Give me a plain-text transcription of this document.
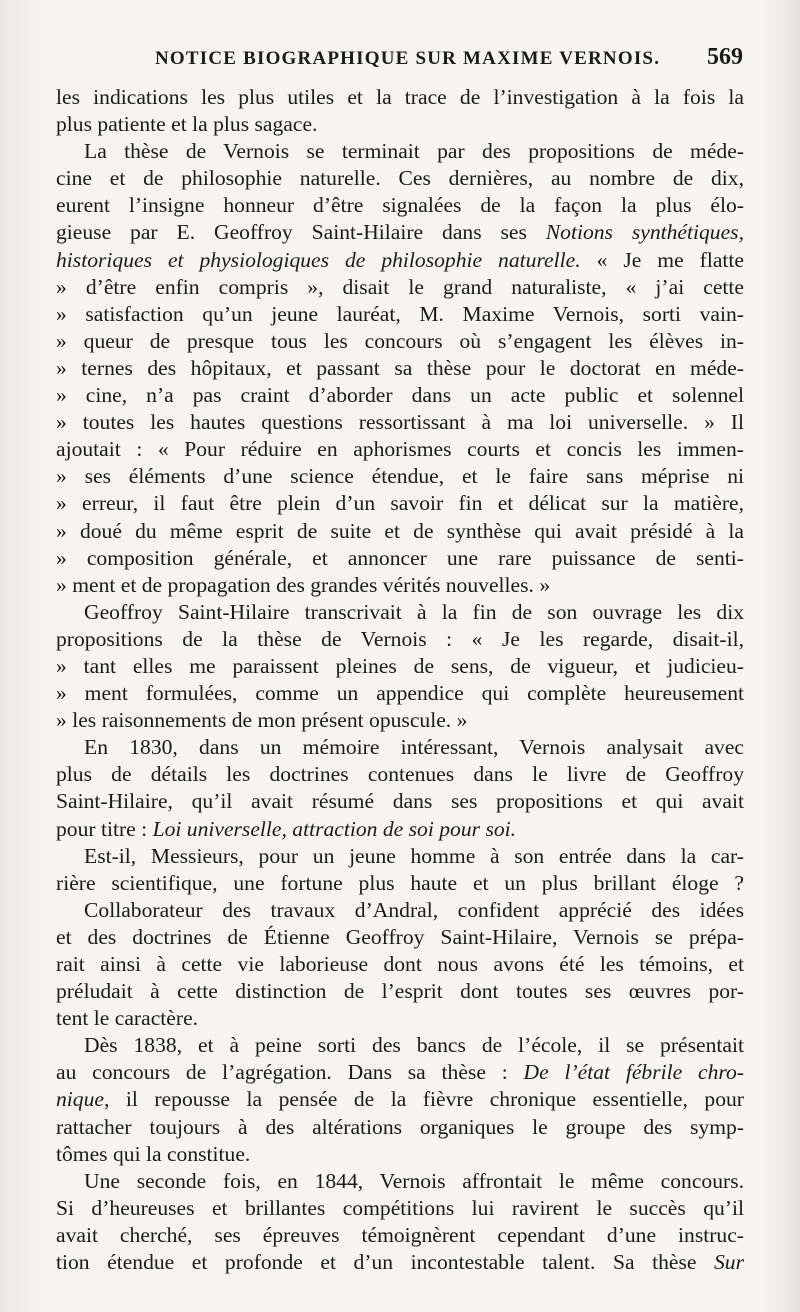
NOTICE BIOGRAPHIQUE SUR MAXIME VERNOIS. 569
les indications les plus utiles et la trace de l’investigation à la fois la
plus patiente et la plus sagace.
La thèse de Vernois se terminait par des propositions de méde-
cine et de philosophie naturelle. Ces dernières, au nombre de dix,
eurent l’insigne honneur d’être signalées de la façon la plus élo-
gieuse par E. Geoffroy Saint-Hilaire dans ses Notions synthétiques,
historiques et physiologiques de philosophie naturelle. « Je me flatte
» d’être enfin compris », disait le grand naturaliste, « j’ai cette
» satisfaction qu’un jeune lauréat, M. Maxime Vernois, sorti vain-
» queur de presque tous les concours où s’engagent les élèves in-
» ternes des hôpitaux, et passant sa thèse pour le doctorat en méde-
» cine, n’a pas craint d’aborder dans un acte public et solennel
» toutes les hautes questions ressortissant à ma loi universelle. » Il
ajoutait : « Pour réduire en aphorismes courts et concis les immen-
» ses éléments d’une science étendue, et le faire sans méprise ni
» erreur, il faut être plein d’un savoir fin et délicat sur la matière,
» doué du même esprit de suite et de synthèse qui avait présidé à la
» composition générale, et annoncer une rare puissance de senti-
» ment et de propagation des grandes vérités nouvelles. »
Geoffroy Saint-Hilaire transcrivait à la fin de son ouvrage les dix
propositions de la thèse de Vernois : « Je les regarde, disait-il,
» tant elles me paraissent pleines de sens, de vigueur, et judicieu-
» ment formulées, comme un appendice qui complète heureusement
» les raisonnements de mon présent opuscule. »
En 1830, dans un mémoire intéressant, Vernois analysait avec
plus de détails les doctrines contenues dans le livre de Geoffroy
Saint-Hilaire, qu’il avait résumé dans ses propositions et qui avait
pour titre : Loi universelle, attraction de soi pour soi.
Est-il, Messieurs, pour un jeune homme à son entrée dans la car-
rière scientifique, une fortune plus haute et un plus brillant éloge ?
Collaborateur des travaux d’Andral, confident apprécié des idées
et des doctrines de Étienne Geoffroy Saint-Hilaire, Vernois se prépa-
rait ainsi à cette vie laborieuse dont nous avons été les témoins, et
préludait à cette distinction de l’esprit dont toutes ses œuvres por-
tent le caractère.
Dès 1838, et à peine sorti des bancs de l’école, il se présentait
au concours de l’agrégation. Dans sa thèse : De l’état fébrile chro-
nique, il repousse la pensée de la fièvre chronique essentielle, pour
rattacher toujours à des altérations organiques le groupe des symp-
tômes qui la constitue.
Une seconde fois, en 1844, Vernois affrontait le même concours.
Si d’heureuses et brillantes compétitions lui ravirent le succès qu’il
avait cherché, ses épreuves témoignèrent cependant d’une instruc-
tion étendue et profonde et d’un incontestable talent. Sa thèse Sur
